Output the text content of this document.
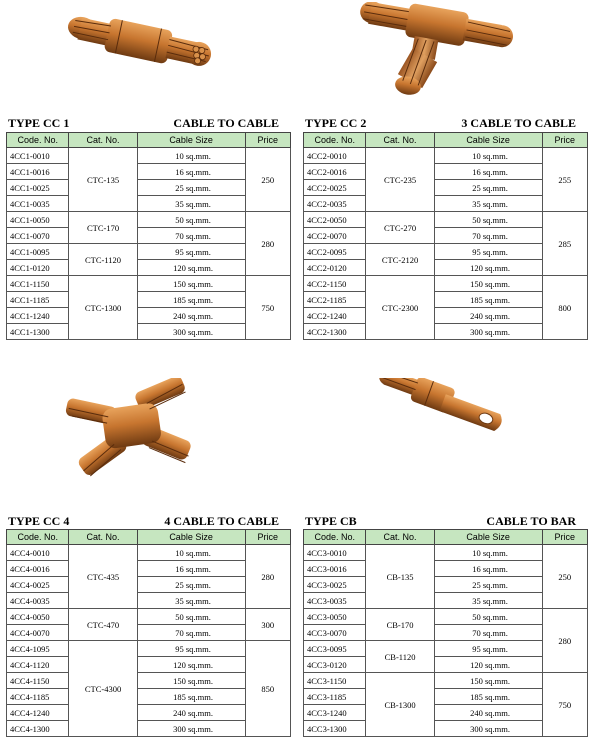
TYPE CC 1	CABLE TO CABLE
Code. No.	Cat. No.	Cable Size	Price
4CC1-0010	CTC-135	10 sq.mm.	250
4CC1-0016		16 sq.mm.	
4CC1-0025		25 sq.mm.	
4CC1-0035		35 sq.mm.	
4CC1-0050	CTC-170	50 sq.mm.	280
4CC1-0070		70 sq.mm.	
4CC1-0095	CTC-1120	95 sq.mm.	
4CC1-0120		120 sq.mm.	
4CC1-1150	CTC-1300	150 sq.mm.	750
4CC1-1185		185 sq.mm.	
4CC1-1240		240 sq.mm.	
4CC1-1300		300 sq.mm.	
TYPE CC 2	3 CABLE TO CABLE
Code. No.	Cat. No.	Cable Size	Price
4CC2-0010	CTC-235	10 sq.mm.	255
4CC2-0016		16 sq.mm.	
4CC2-0025		25 sq.mm.	
4CC2-0035		35 sq.mm.	
4CC2-0050	CTC-270	50 sq.mm.	285
4CC2-0070		70 sq.mm.	
4CC2-0095	CTC-2120	95 sq.mm.	
4CC2-0120		120 sq.mm.	
4CC2-1150	CTC-2300	150 sq.mm.	800
4CC2-1185		185 sq.mm.	
4CC2-1240		240 sq.mm.	
4CC2-1300		300 sq.mm.	
TYPE CC 4	4 CABLE TO CABLE
Code. No.	Cat. No.	Cable Size	Price
4CC4-0010	CTC-435	10 sq.mm.	280
4CC4-0016		16 sq.mm.	
4CC4-0025		25 sq.mm.	
4CC4-0035		35 sq.mm.	
4CC4-0050	CTC-470	50 sq.mm.	300
4CC4-0070		70 sq.mm.	
4CC4-1095	CTC-4300	95 sq.mm.	850
4CC4-1120		120 sq.mm.	
4CC4-1150		150 sq.mm.	
4CC4-1185		185 sq.mm.	
4CC4-1240		240 sq.mm.	
4CC4-1300		300 sq.mm.	
TYPE CB	CABLE TO BAR
Code. No.	Cat. No.	Cable Size	Price
4CC3-0010	CB-135	10 sq.mm.	250
4CC3-0016		16 sq.mm.	
4CC3-0025		25 sq.mm.	
4CC3-0035		35 sq.mm.	
4CC3-0050	CB-170	50 sq.mm.	280
4CC3-0070		70 sq.mm.	
4CC3-0095	CB-1120	95 sq.mm.	
4CC3-0120		120 sq.mm.	
4CC3-1150	CB-1300	150 sq.mm.	750
4CC3-1185		185 sq.mm.	
4CC3-1240		240 sq.mm.	
4CC3-1300		300 sq.mm.	
